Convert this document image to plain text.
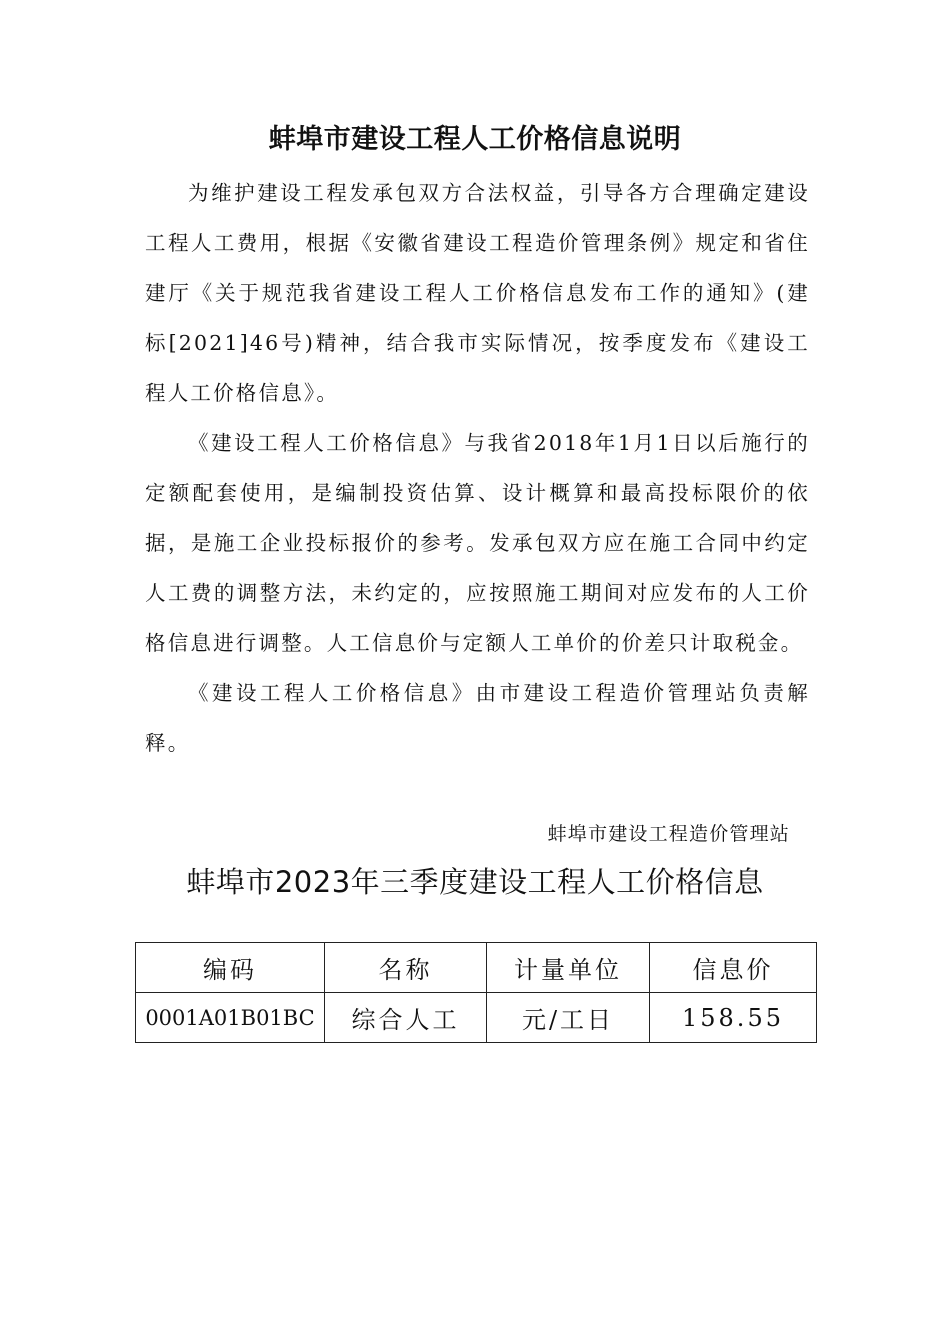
蚌埠市建设工程人工价格信息说明

为维护建设工程发承包双方合法权益，引导各方合理确定建设工程人工费用，根据《安徽省建设工程造价管理条例》规定和省住建厅《关于规范我省建设工程人工价格信息发布工作的通知》(建标[2021]46号)精神，结合我市实际情况，按季度发布《建设工程人工价格信息》。

《建设工程人工价格信息》与我省2018年1月1日以后施行的定额配套使用，是编制投资估算、设计概算和最高投标限价的依据，是施工企业投标报价的参考。发承包双方应在施工合同中约定人工费的调整方法，未约定的，应按照施工期间对应发布的人工价格信息进行调整。人工信息价与定额人工单价的价差只计取税金。

《建设工程人工价格信息》由市建设工程造价管理站负责解释。

蚌埠市建设工程造价管理站
蚌埠市2023年三季度建设工程人工价格信息
编码	名称	计量单位	信息价
0001A01B01BC	综合人工	元/工日	158.55
